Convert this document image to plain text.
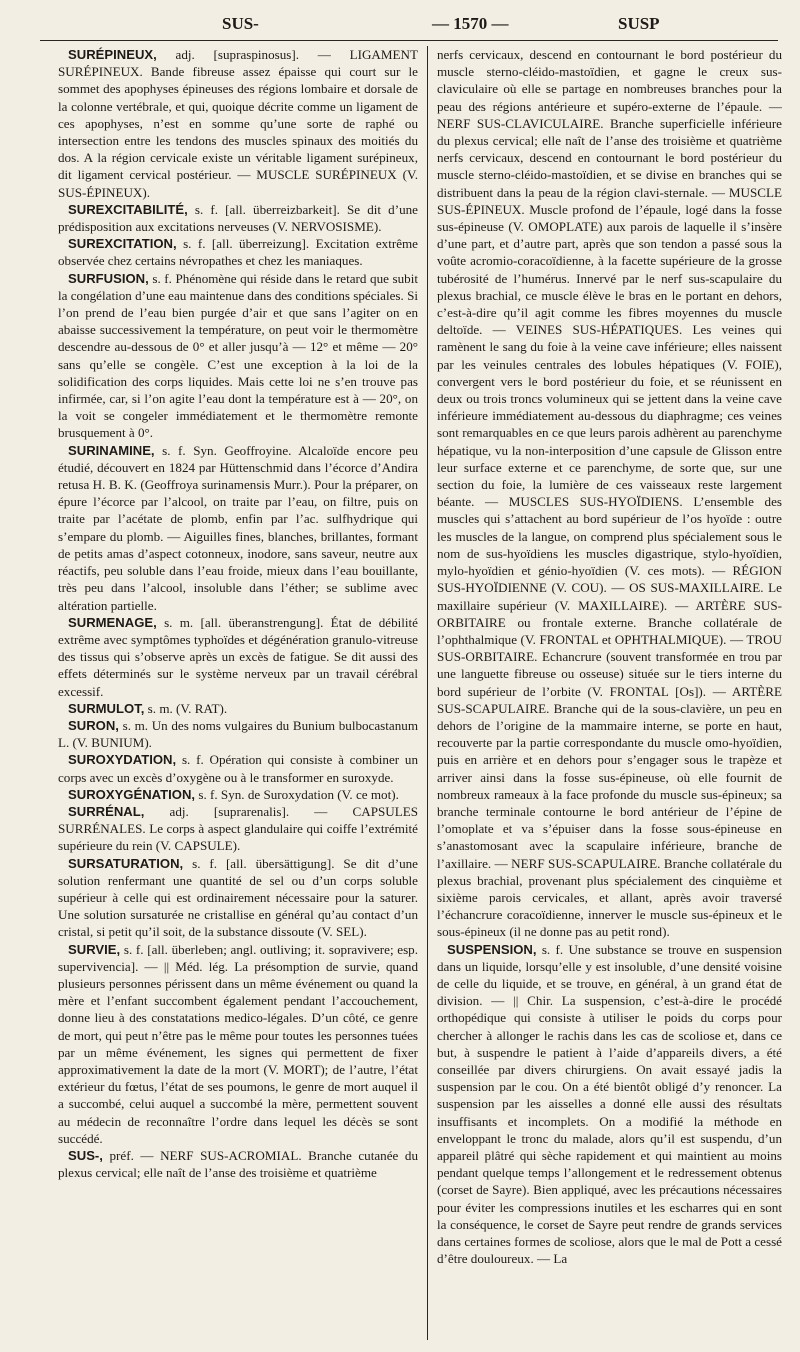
SUS-	— 1570 —	SUSP

SURÉPINEUX, adj. [supraspinosus]. — LIGAMENT SURÉPINEUX. Bande fibreuse assez épaisse qui court sur le sommet des apophyses épineuses des régions lombaire et dorsale de la colonne vertébrale, et qui, quoique décrite comme un ligament de ces apophyses, n’est en somme qu’une sorte de raphé ou intersection entre les tendons des muscles spinaux des moitiés du dos. A la région cervicale existe un véritable ligament surépineux, dit ligament cervical postérieur. — MUSCLE SURÉPINEUX (V. SUS-ÉPINEUX).

SUREXCITABILITÉ, s. f. [all. überreizbarkeit]. Se dit d’une prédisposition aux excitations nerveuses (V. NERVOSISME).

SUREXCITATION, s. f. [all. überreizung]. Excitation extrême observée chez certains névropathes et chez les maniaques.

SURFUSION, s. f. Phénomène qui réside dans le retard que subit la congélation d’une eau maintenue dans des conditions spéciales. Si l’on prend de l’eau bien purgée d’air et que sans l’agiter on en abaisse successivement la température, on peut voir le thermomètre descendre au-dessous de 0° et aller jusqu’à — 12° et même — 20° sans qu’elle se congèle. C’est une exception à la loi de la solidification des corps liquides. Mais cette loi ne s’en trouve pas infirmée, car, si l’on agite l’eau dont la température est à — 20°, on la voit se congeler immédiatement et le thermomètre remonte brusquement à 0°.

SURINAMINE, s. f. Syn. Geoffroyine. Alcaloïde encore peu étudié, découvert en 1824 par Hüttenschmid dans l’écorce d’Andira retusa H. B. K. (Geoffroya surinamensis Murr.). Pour la préparer, on épure l’écorce par l’alcool, on traite par l’eau, on filtre, puis on traite par l’acétate de plomb, enfin par l’ac. sulfhydrique qui s’empare du plomb. — Aiguilles fines, blanches, brillantes, formant de petits amas d’aspect cotonneux, inodore, sans saveur, neutre aux réactifs, peu soluble dans l’eau froide, mieux dans l’eau bouillante, très peu dans l’alcool, insoluble dans l’éther; se sublime avec altération partielle.

SURMENAGE, s. m. [all. überanstrengung]. État de débilité extrême avec symptômes typhoïdes et dégénération granulo-vitreuse des tissus qui s’observe après un excès de fatigue. Se dit aussi des effets déterminés sur le système nerveux par un travail cérébral excessif.

SURMULOT, s. m. (V. RAT).

SURON, s. m. Un des noms vulgaires du Bunium bulbocastanum L. (V. BUNIUM).

SUROXYDATION, s. f. Opération qui consiste à combiner un corps avec un excès d’oxygène ou à le transformer en suroxyde.

SUROXYGÉNATION, s. f. Syn. de Suroxydation (V. ce mot).

SURRÉNAL, adj. [suprarenalis]. — CAPSULES SURRÉNALES. Le corps à aspect glandulaire qui coiffe l’extrémité supérieure du rein (V. CAPSULE).

SURSATURATION, s. f. [all. übersättigung]. Se dit d’une solution renfermant une quantité de sel ou d’un corps soluble supérieur à celle qui est ordinairement nécessaire pour la saturer. Une solution sursaturée ne cristallise en général qu’au contact d’un cristal, si petit qu’il soit, de la substance dissoute (V. SEL).

SURVIE, s. f. [all. überleben; angl. outliving; it. sopravivere; esp. supervivencia]. — || Méd. lég. La présomption de survie, quand plusieurs personnes périssent dans un même événement ou quand la mère et l’enfant succombent également pendant l’accouchement, donne lieu à des constatations medico-légales. D’un côté, ce genre de mort, qui peut n’être pas le même pour toutes les personnes tuées par un même événement, les signes qui permettent de fixer approximativement la date de la mort (V. MORT); de l’autre, l’état extérieur du fœtus, l’état de ses poumons, le genre de mort auquel il a succombé, celui auquel a succombé la mère, permettent souvent au médecin de reconnaître l’ordre dans lequel les décès se sont succédé.

SUS-, préf. — NERF SUS-ACROMIAL. Branche cutanée du plexus cervical; elle naît de l’anse des troisième et quatrième

nerfs cervicaux, descend en contournant le bord postérieur du muscle sterno-cléido-mastoïdien, et gagne le creux sus-claviculaire où elle se partage en nombreuses branches pour la peau des régions antérieure et supéro-externe de l’épaule. — NERF SUS-CLAVICULAIRE. Branche superficielle inférieure du plexus cervical; elle naît de l’anse des troisième et quatrième nerfs cervicaux, descend en contournant le bord postérieur du muscle sterno-cléido-mastoïdien, et se divise en branches qui se distribuent dans la peau de la région clavi-sternale. — MUSCLE SUS-ÉPINEUX. Muscle profond de l’épaule, logé dans la fosse sus-épineuse (V. OMOPLATE) aux parois de laquelle il s’insère d’une part, et d’autre part, après que son tendon a passé sous la voûte acromio-coracoïdienne, à la facette supérieure de la grosse tubérosité de l’humérus. Innervé par le nerf sus-scapulaire du plexus brachial, ce muscle élève le bras en le portant en dehors, c’est-à-dire qu’il agit comme les fibres moyennes du muscle deltoïde. — VEINES SUS-HÉPATIQUES. Les veines qui ramènent le sang du foie à la veine cave inférieure; elles naissent par les veinules centrales des lobules hépatiques (V. FOIE), convergent vers le bord postérieur du foie, et se réunissent en deux ou trois troncs volumineux qui se jettent dans la veine cave inférieure immédiatement au-dessous du diaphragme; ces veines sont remarquables en ce que leurs parois adhèrent au parenchyme hépatique, vu la non-interposition d’une capsule de Glisson entre leur surface externe et ce parenchyme, de sorte que, sur une section du foie, la lumière de ces vaisseaux reste largement béante. — MUSCLES SUS-HYOÏDIENS. L’ensemble des muscles qui s’attachent au bord supérieur de l’os hyoïde : outre les muscles de la langue, on comprend plus spécialement sous le nom de sus-hyoïdiens les muscles digastrique, stylo-hyoïdien, mylo-hyoïdien et génio-hyoïdien (V. ces mots). — RÉGION SUS-HYOÏDIENNE (V. COU). — OS SUS-MAXILLAIRE. Le maxillaire supérieur (V. MAXILLAIRE). — ARTÈRE SUS-ORBITAIRE ou frontale externe. Branche collatérale de l’ophthalmique (V. FRONTAL et OPHTHALMIQUE). — TROU SUS-ORBITAIRE. Echancrure (souvent transformée en trou par une languette fibreuse ou osseuse) située sur le tiers interne du bord supérieur de l’orbite (V. FRONTAL [Os]). — ARTÈRE SUS-SCAPULAIRE. Branche qui de la sous-clavière, un peu en dehors de l’origine de la mammaire interne, se porte en haut, recouverte par la partie correspondante du muscle omo-hyoïdien, puis en arrière et en dehors pour s’engager sous le trapèze et arriver ainsi dans la fosse sus-épineuse, où elle fournit de nombreux rameaux à la face profonde du muscle sus-épineux; sa branche terminale contourne le bord antérieur de l’épine de l’omoplate et va s’épuiser dans la fosse sous-épineuse en s’anastomosant avec la scapulaire inférieure, branche de l’axillaire. — NERF SUS-SCAPULAIRE. Branche collatérale du plexus brachial, provenant plus spécialement des cinquième et sixième parois cervicales, et allant, après avoir traversé l’échancrure coracoïdienne, innerver le muscle sus-épineux et le sous-épineux (il ne donne pas au petit rond).

SUSPENSION, s. f. Une substance se trouve en suspension dans un liquide, lorsqu’elle y est insoluble, d’une densité voisine de celle du liquide, et se trouve, en général, à un grand état de division. — || Chir. La suspension, c’est-à-dire le procédé orthopédique qui consiste à utiliser le poids du corps pour chercher à allonger le rachis dans les cas de scoliose et, dans ce but, à suspendre le patient à l’aide d’appareils divers, a été conseillée par divers chirurgiens. On avait essayé jadis la suspension par le cou. On a été bientôt obligé d’y renoncer. La suspension par les aisselles a donné elle aussi des résultats insuffisants et incomplets. On a modifié la méthode en enveloppant le tronc du malade, alors qu’il est suspendu, d’un appareil plâtré qui sèche rapidement et qui maintient au moins pendant quelque temps l’allongement et le redressement obtenus (corset de Sayre). Bien appliqué, avec les précautions nécessaires pour éviter les compressions inutiles et les escharres qui en sont la conséquence, le corset de Sayre peut rendre de grands services dans certaines formes de scoliose, alors que le mal de Pott a cessé d’être douloureux. — La
